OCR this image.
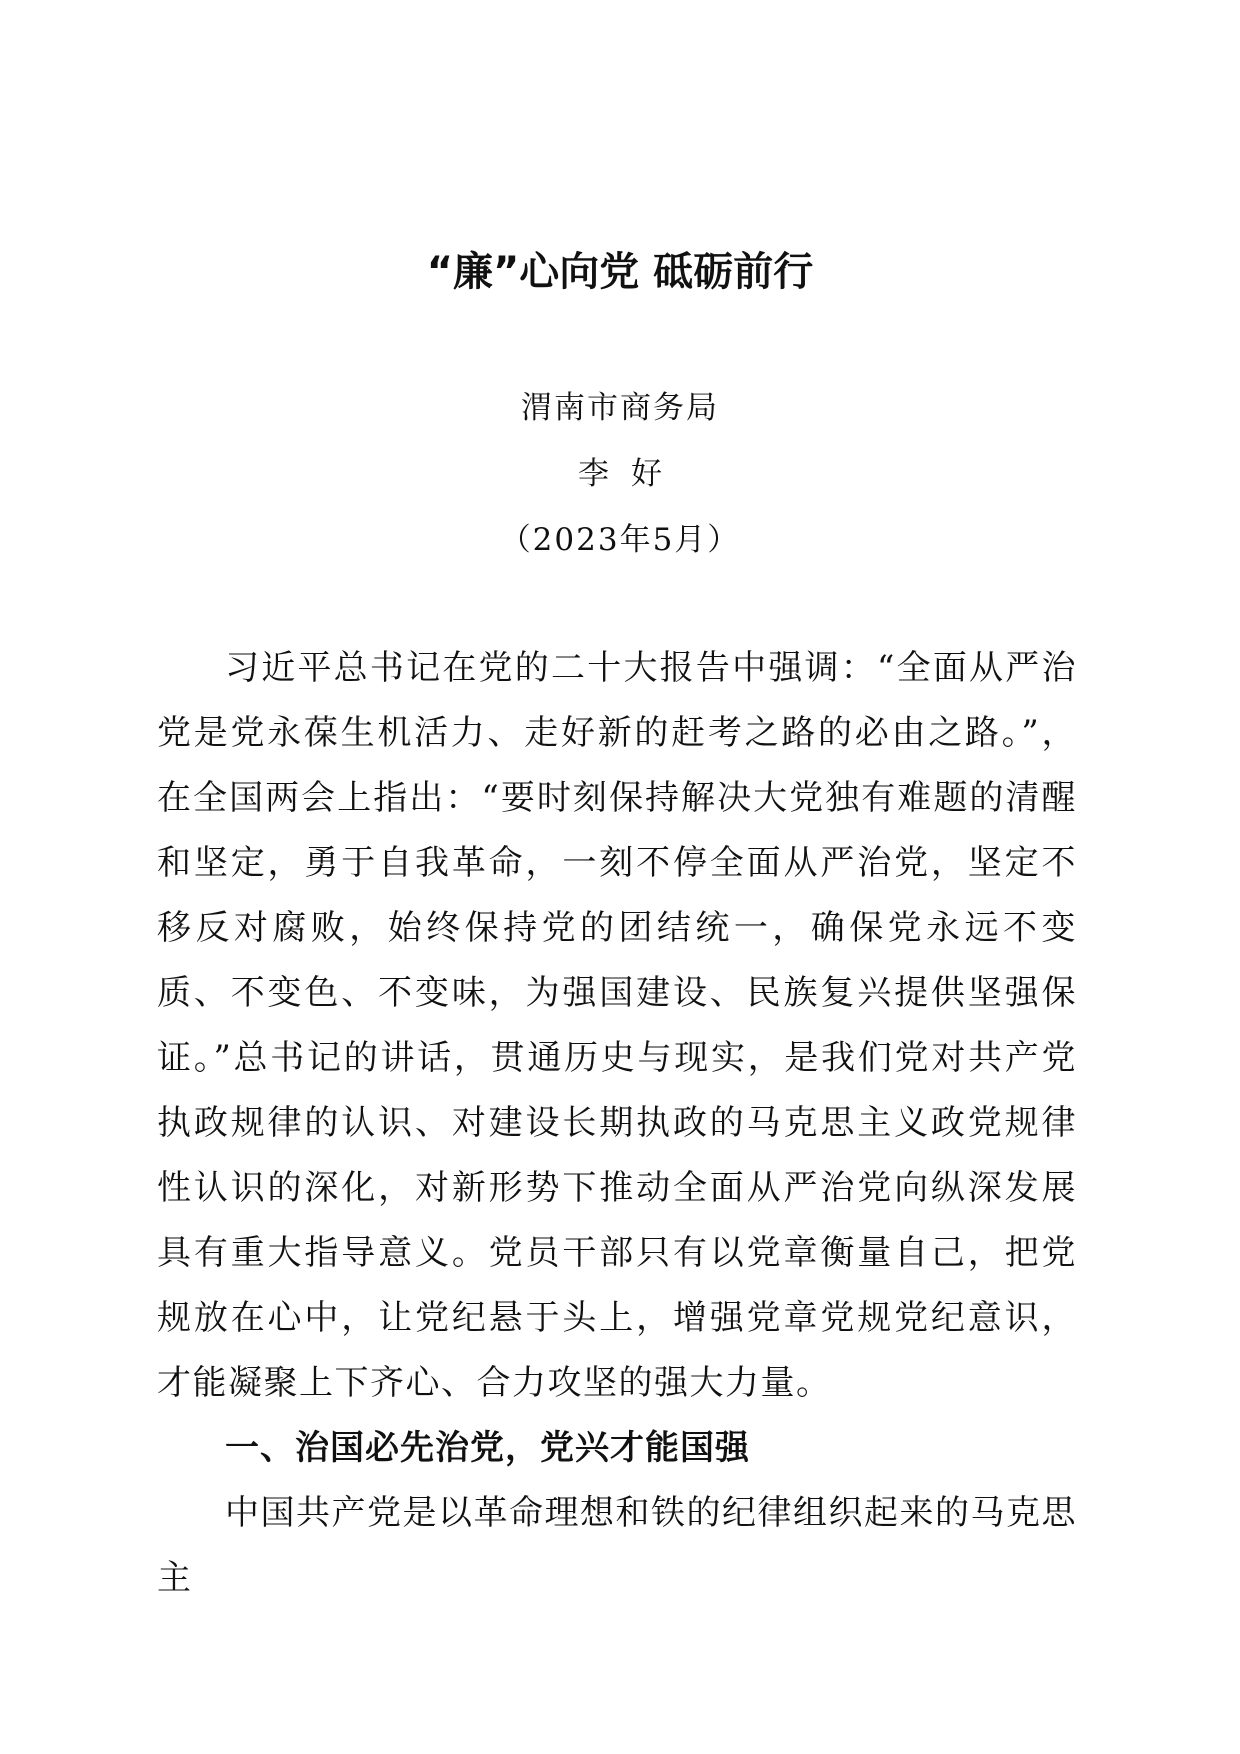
“廉”心向党 砥砺前行
渭南市商务局
李好
（2023年5月）

习近平总书记在党的二十大报告中强调：“全面从严治党是党永葆生机活力、走好新的赶考之路的必由之路。”，在全国两会上指出：“要时刻保持解决大党独有难题的清醒和坚定，勇于自我革命，一刻不停全面从严治党，坚定不移反对腐败，始终保持党的团结统一，确保党永远不变质、不变色、不变味，为强国建设、民族复兴提供坚强保证。”总书记的讲话，贯通历史与现实，是我们党对共产党执政规律的认识、对建设长期执政的马克思主义政党规律性认识的深化，对新形势下推动全面从严治党向纵深发展具有重大指导意义。党员干部只有以党章衡量自己，把党规放在心中，让党纪悬于头上，增强党章党规党纪意识，才能凝聚上下齐心、合力攻坚的强大力量。

一、治国必先治党，党兴才能国强

中国共产党是以革命理想和铁的纪律组织起来的马克思主
